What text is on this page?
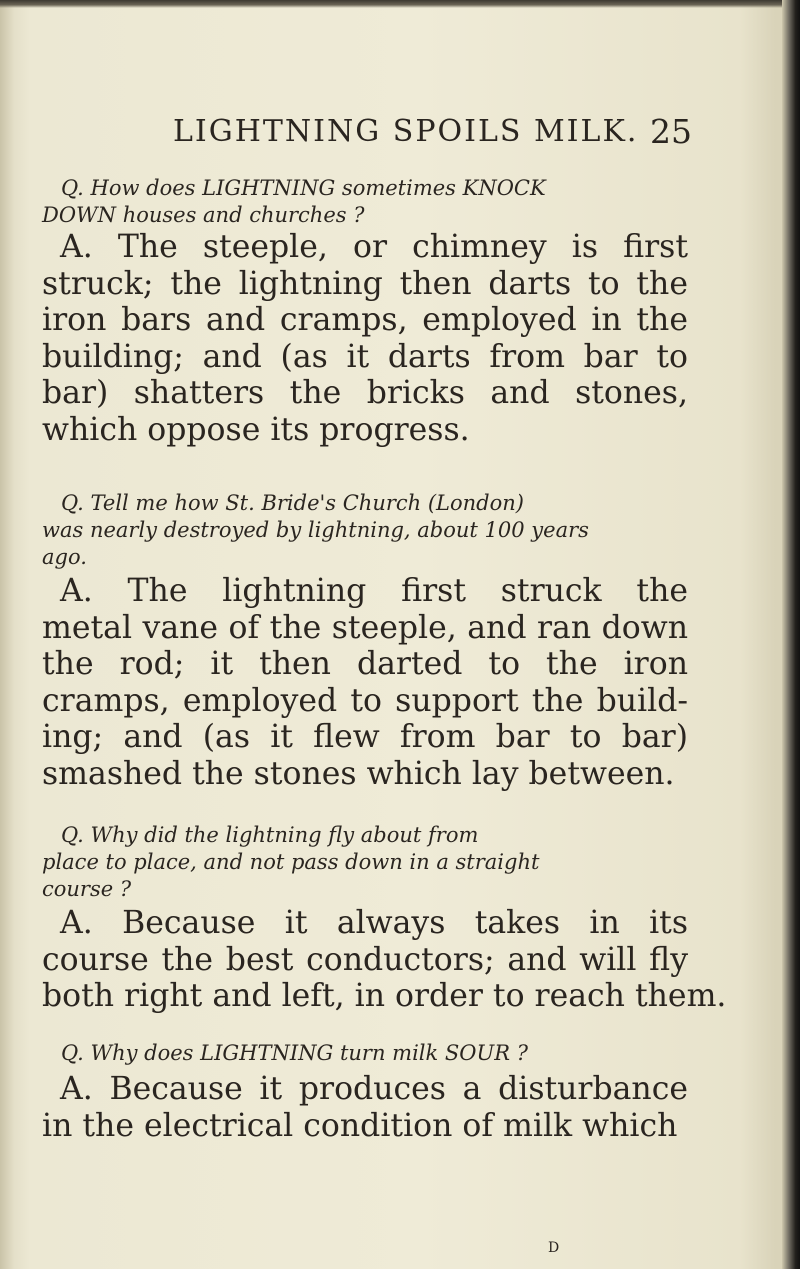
LIGHTNING SPOILS MILK. 25

Q. How does LIGHTNING sometimes KNOCK
DOWN houses and churches ?

A. The steeple, or chimney is first
struck; the lightning then darts to the
iron bars and cramps, employed in the
building; and (as it darts from bar to
bar) shatters the bricks and stones,
which oppose its progress.

Q. Tell me how St. Bride's Church (London)
was nearly destroyed by lightning, about 100 years
ago.

A. The lightning first struck the
metal vane of the steeple, and ran down
the rod; it then darted to the iron
cramps, employed to support the build-
ing; and (as it flew from bar to bar)
smashed the stones which lay between.

Q. Why did the lightning fly about from
place to place, and not pass down in a straight
course ?

A. Because it always takes in its
course the best conductors; and will fly
both right and left, in order to reach them.

Q. Why does LIGHTNING turn milk SOUR ?

A. Because it produces a disturbance
in the electrical condition of milk which

D
